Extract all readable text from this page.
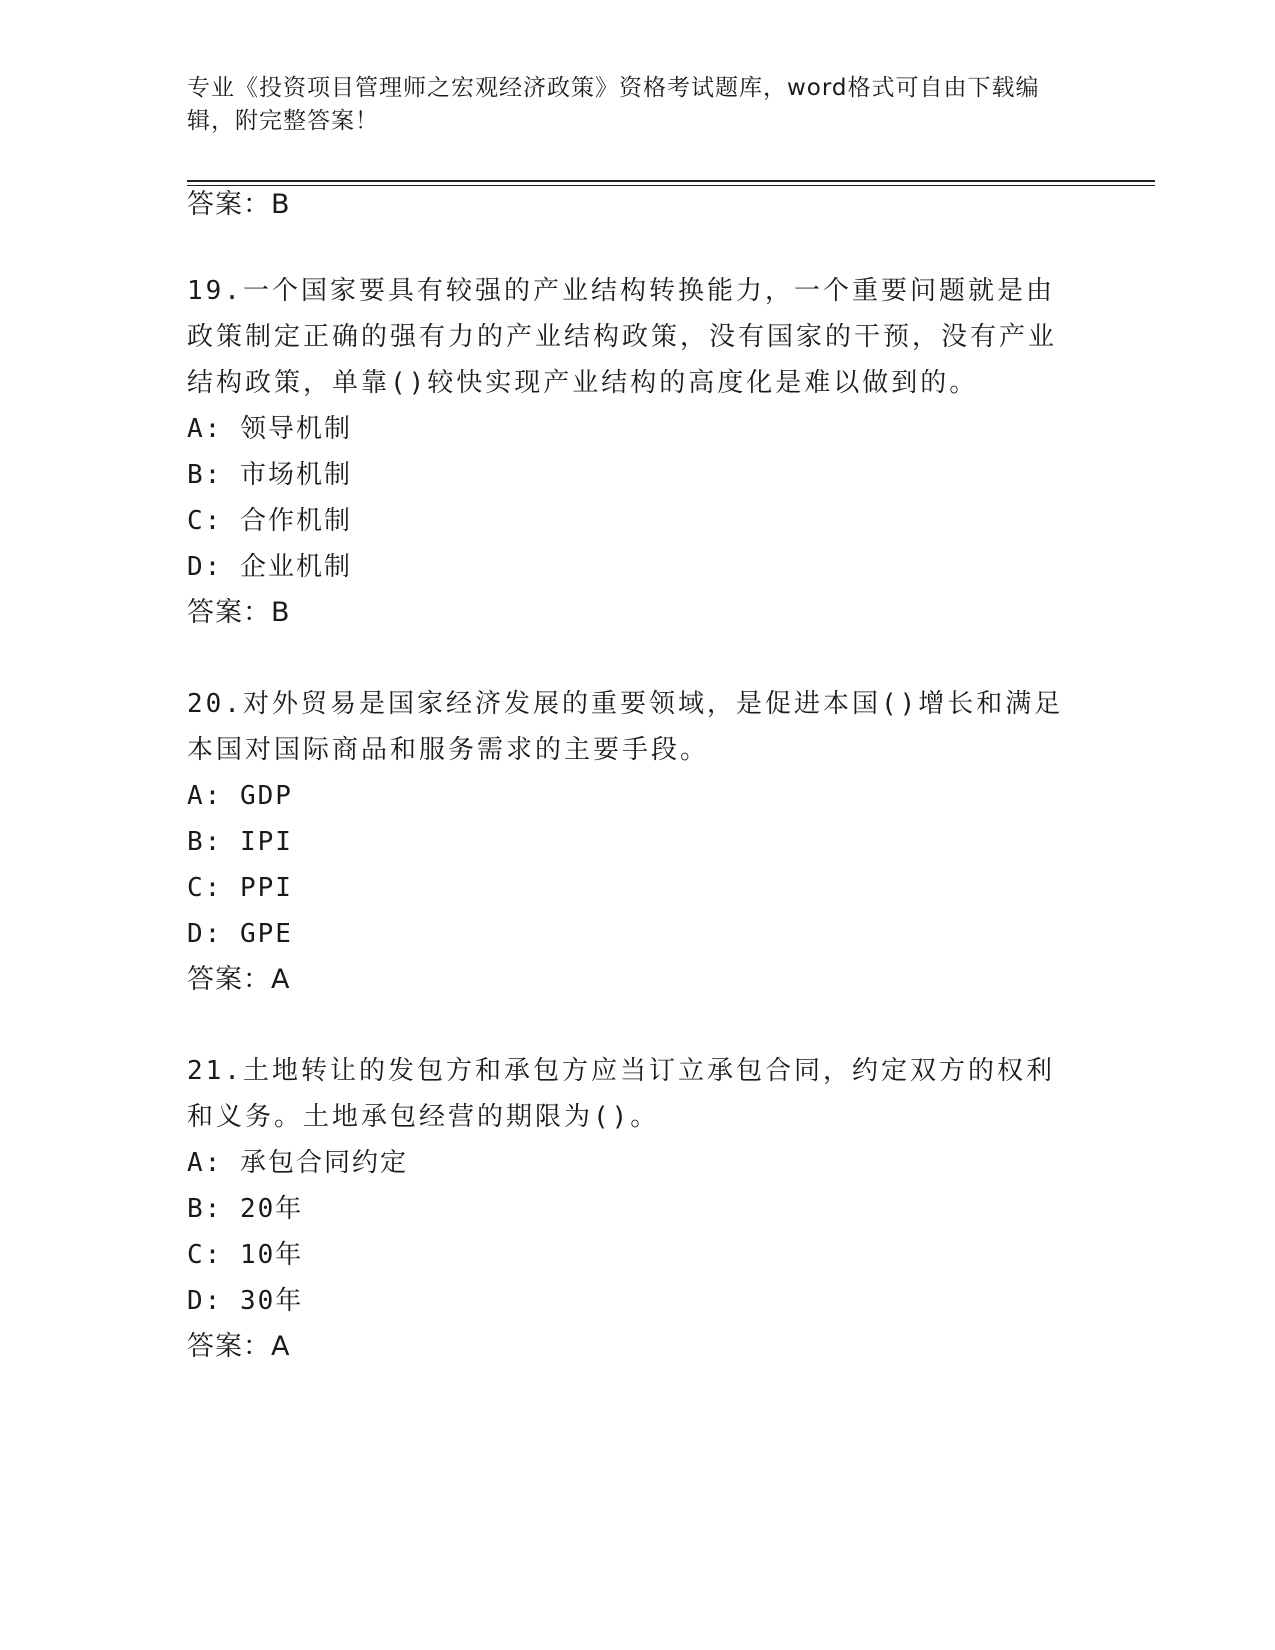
专业《投资项目管理师之宏观经济政策》资格考试题库，word格式可自由下载编辑，附完整答案！
答案：B
19.一个国家要具有较强的产业结构转换能力，一个重要问题就是由政策制定正确的强有力的产业结构政策，没有国家的干预，没有产业结构政策，单靠()较快实现产业结构的高度化是难以做到的。
A: 领导机制
B: 市场机制
C: 合作机制
D: 企业机制
答案：B
20.对外贸易是国家经济发展的重要领域，是促进本国()增长和满足本国对国际商品和服务需求的主要手段。
A: GDP
B: IPI
C: PPI
D: GPE
答案：A
21.土地转让的发包方和承包方应当订立承包合同，约定双方的权利和义务。土地承包经营的期限为()。
A: 承包合同约定
B: 20年
C: 10年
D: 30年
答案：A
